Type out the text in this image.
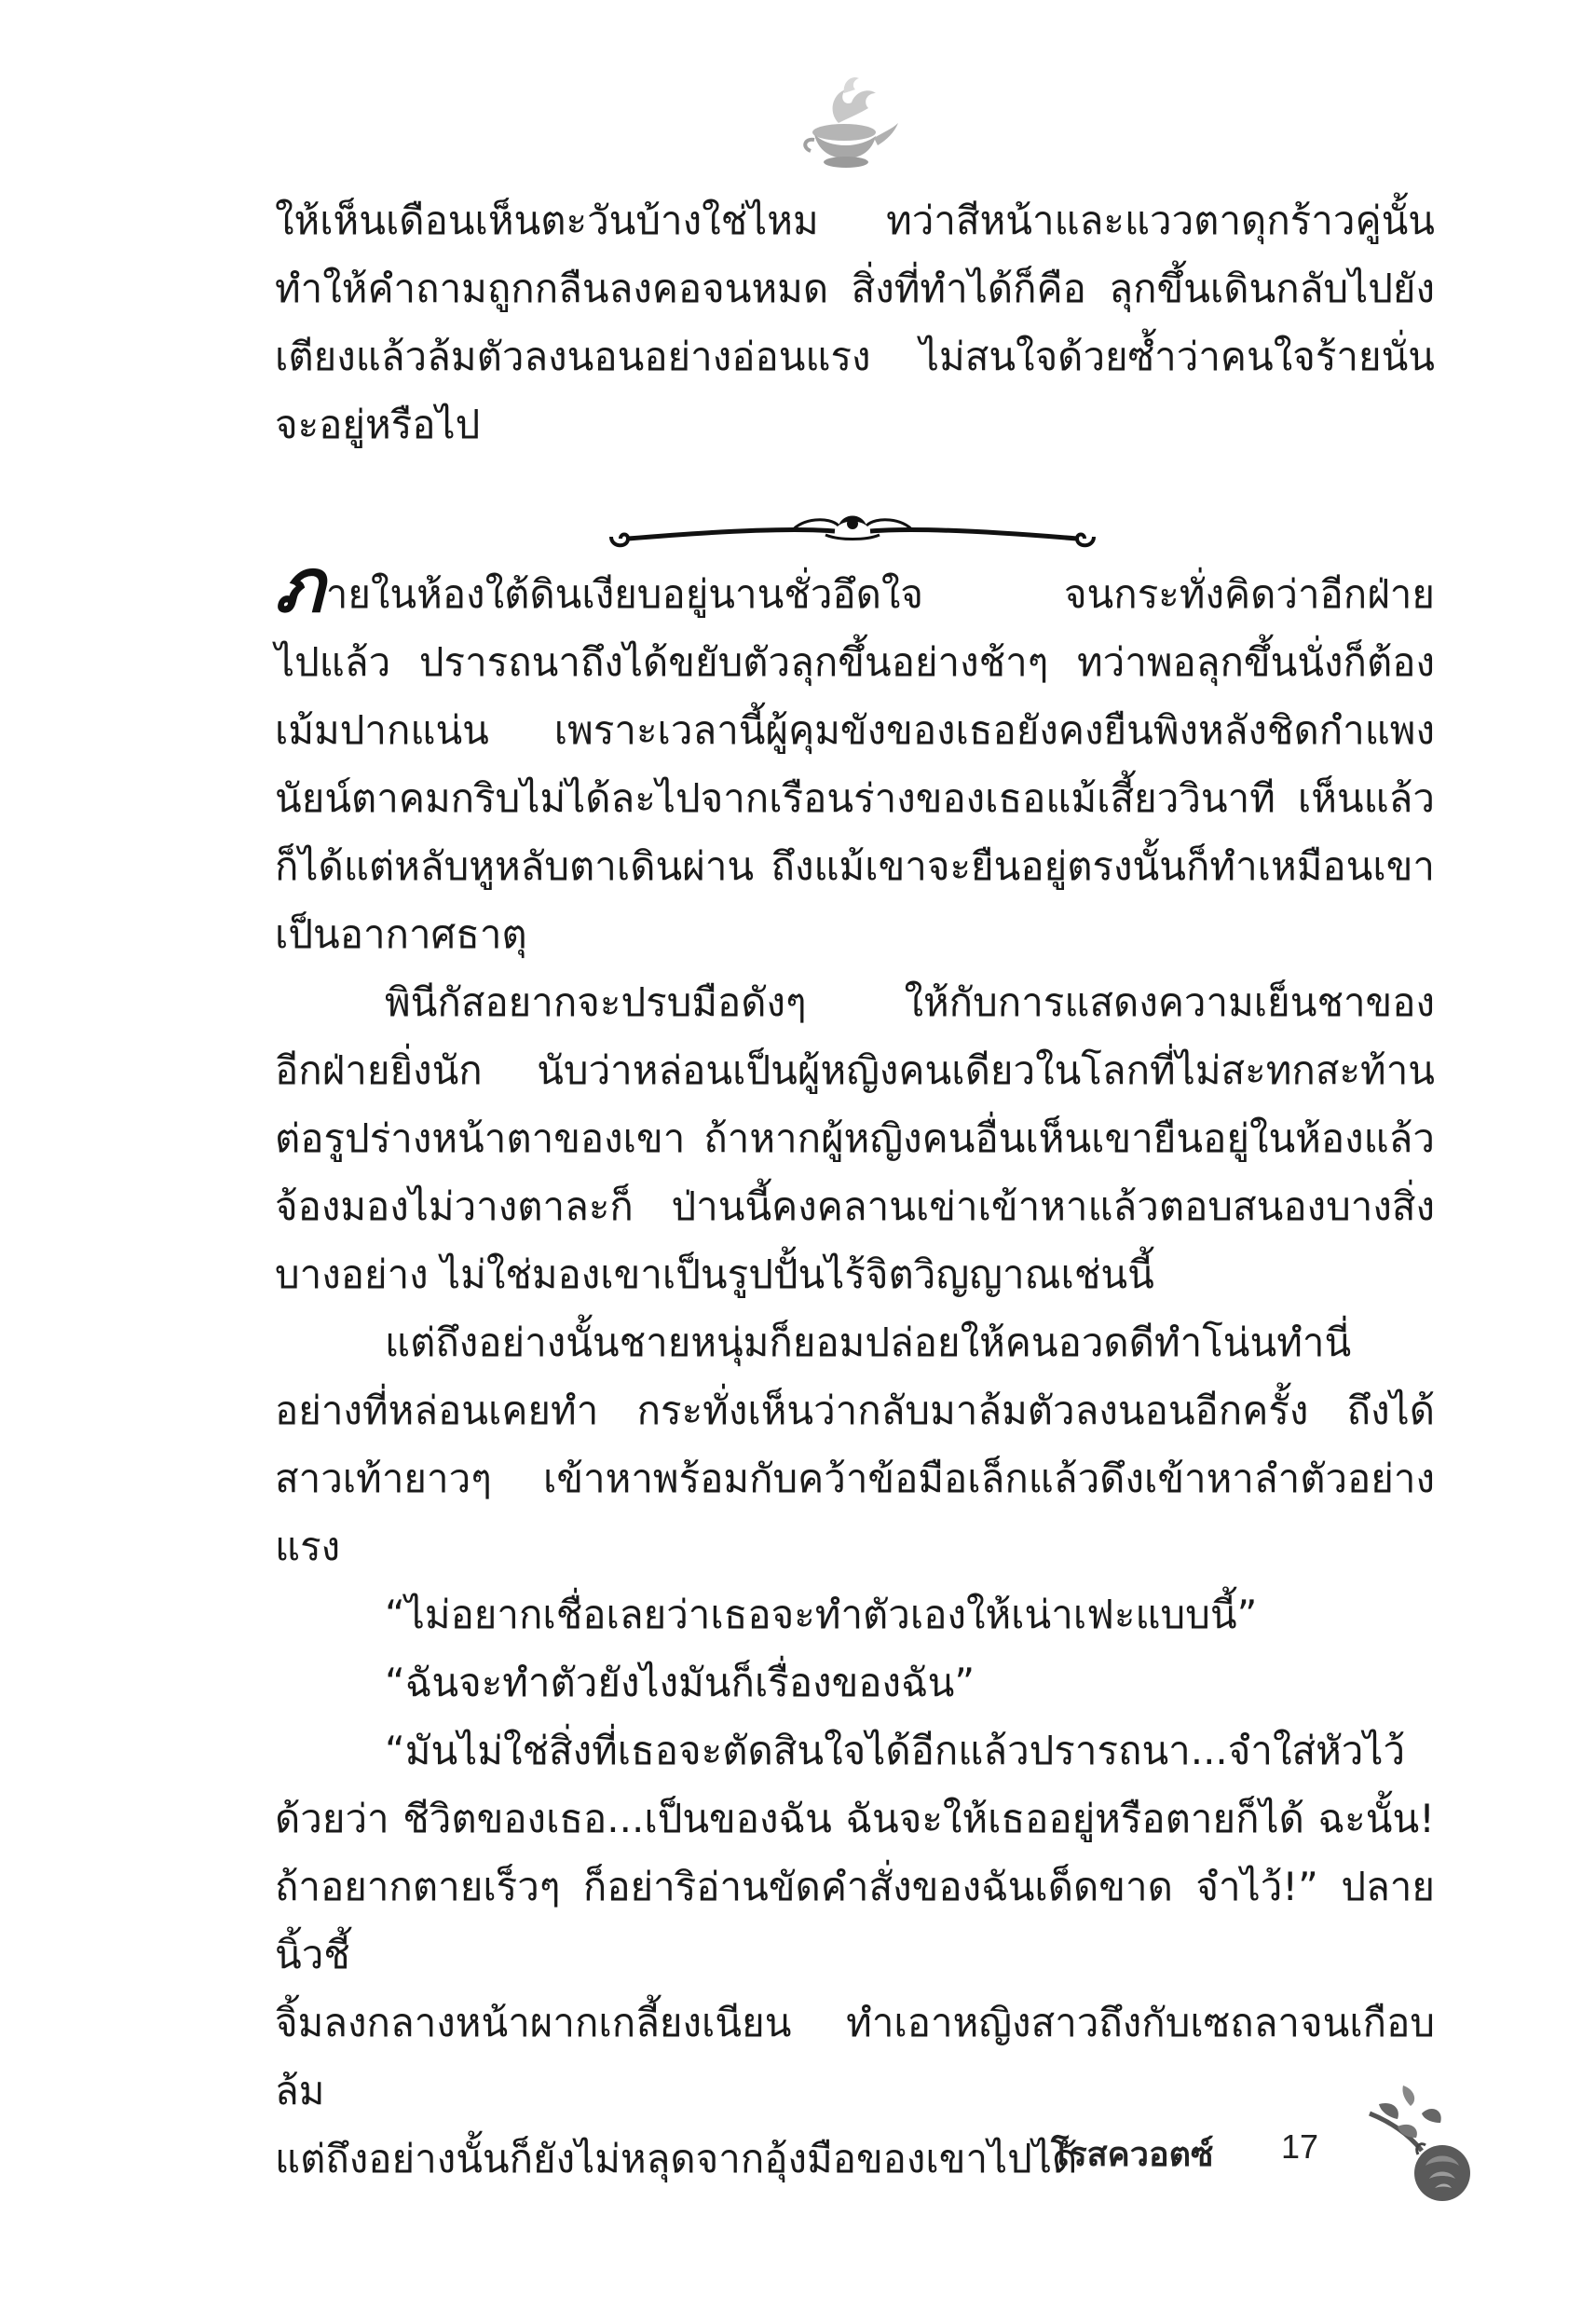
ให้เห็นเดือนเห็นตะวันบ้างใช่ไหม ทว่าสีหน้าและแววตาดุกร้าวคู่นั้น

ทำให้คำถามถูกกลืนลงคอจนหมด สิ่งที่ทำได้ก็คือ ลุกขึ้นเดินกลับไปยัง

เตียงแล้วล้มตัวลงนอนอย่างอ่อนแรง ไม่สนใจด้วยซ้ำว่าคนใจร้ายนั่น

จะอยู่หรือไป

ภายในห้องใต้ดินเงียบอยู่นานชั่วอึดใจ จนกระทั่งคิดว่าอีกฝ่าย

ไปแล้ว ปรารถนาถึงได้ขยับตัวลุกขึ้นอย่างช้าๆ ทว่าพอลุกขึ้นนั่งก็ต้อง

เม้มปากแน่น เพราะเวลานี้ผู้คุมขังของเธอยังคงยืนพิงหลังชิดกำแพง

นัยน์ตาคมกริบไม่ได้ละไปจากเรือนร่างของเธอแม้เสี้ยววินาที เห็นแล้ว

ก็ได้แต่หลับหูหลับตาเดินผ่าน ถึงแม้เขาจะยืนอยู่ตรงนั้นก็ทำเหมือนเขา

เป็นอากาศธาตุ

พินีกัสอยากจะปรบมือดังๆ ให้กับการแสดงความเย็นชาของ

อีกฝ่ายยิ่งนัก นับว่าหล่อนเป็นผู้หญิงคนเดียวในโลกที่ไม่สะทกสะท้าน

ต่อรูปร่างหน้าตาของเขา ถ้าหากผู้หญิงคนอื่นเห็นเขายืนอยู่ในห้องแล้ว

จ้องมองไม่วางตาละก็ ป่านนี้คงคลานเข่าเข้าหาแล้วตอบสนองบางสิ่ง

บางอย่าง ไม่ใช่มองเขาเป็นรูปปั้นไร้จิตวิญญาณเช่นนี้

แต่ถึงอย่างนั้นชายหนุ่มก็ยอมปล่อยให้คนอวดดีทำโน่นทำนี่

อย่างที่หล่อนเคยทำ กระทั่งเห็นว่ากลับมาล้มตัวลงนอนอีกครั้ง ถึงได้

สาวเท้ายาวๆ เข้าหาพร้อมกับคว้าข้อมือเล็กแล้วดึงเข้าหาลำตัวอย่างแรง

“ไม่อยากเชื่อเลยว่าเธอจะทำตัวเองให้เน่าเฟะแบบนี้”

“ฉันจะทำตัวยังไงมันก็เรื่องของฉัน”

“มันไม่ใช่สิ่งที่เธอจะตัดสินใจได้อีกแล้วปรารถนา...จำใส่หัวไว้

ด้วยว่า ชีวิตของเธอ...เป็นของฉัน ฉันจะให้เธออยู่หรือตายก็ได้ ฉะนั้น!

ถ้าอยากตายเร็วๆ ก็อย่าริอ่านขัดคำสั่งของฉันเด็ดขาด จำไว้!” ปลายนิ้วชี้

จิ้มลงกลางหน้าผากเกลี้ยงเนียน ทำเอาหญิงสาวถึงกับเซถลาจนเกือบล้ม

แต่ถึงอย่างนั้นก็ยังไม่หลุดจากอุ้งมือของเขาไปได้

โรสควอตซ์ 17
